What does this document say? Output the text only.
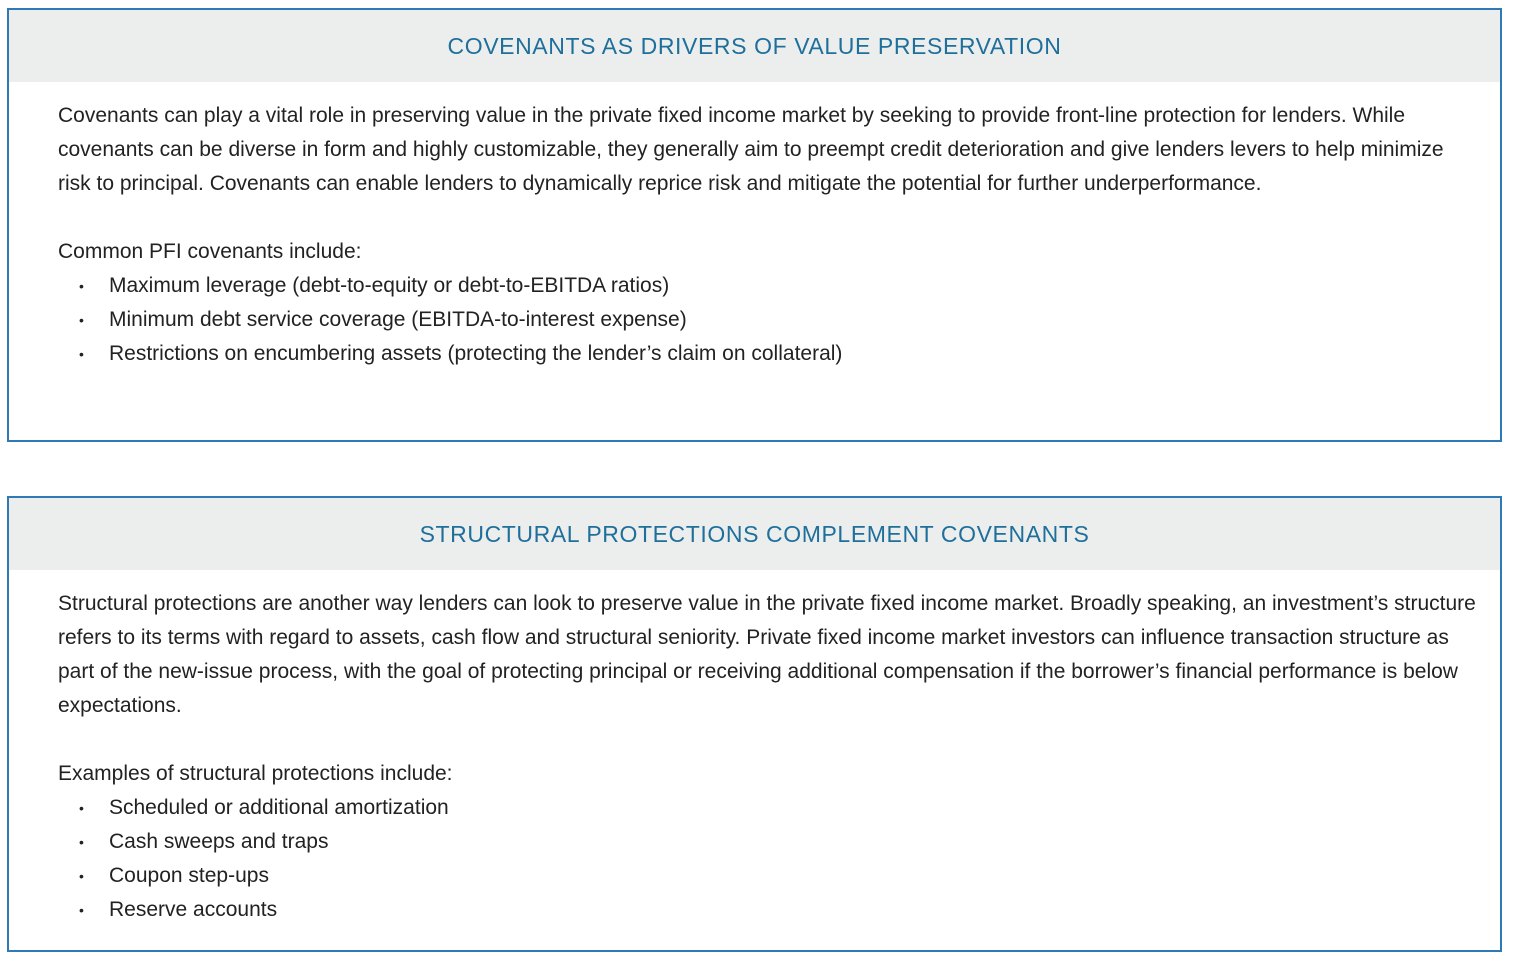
COVENANTS AS DRIVERS OF VALUE PRESERVATION

Covenants can play a vital role in preserving value in the private fixed income market by seeking to provide front-line protection for lenders. While covenants can be diverse in form and highly customizable, they generally aim to preempt credit deterioration and give lenders levers to help minimize risk to principal. Covenants can enable lenders to dynamically reprice risk and mitigate the potential for further underperformance.

Common PFI covenants include:

• Maximum leverage (debt-to-equity or debt-to-EBITDA ratios)
• Minimum debt service coverage (EBITDA-to-interest expense)
• Restrictions on encumbering assets (protecting the lender’s claim on collateral)
STRUCTURAL PROTECTIONS COMPLEMENT COVENANTS

Structural protections are another way lenders can look to preserve value in the private fixed income market. Broadly speaking, an investment’s structure refers to its terms with regard to assets, cash flow and structural seniority. Private fixed income market investors can influence transaction structure as part of the new-issue process, with the goal of protecting principal or receiving additional compensation if the borrower’s financial performance is below expectations.

Examples of structural protections include:

• Scheduled or additional amortization
• Cash sweeps and traps
• Coupon step-ups
• Reserve accounts
